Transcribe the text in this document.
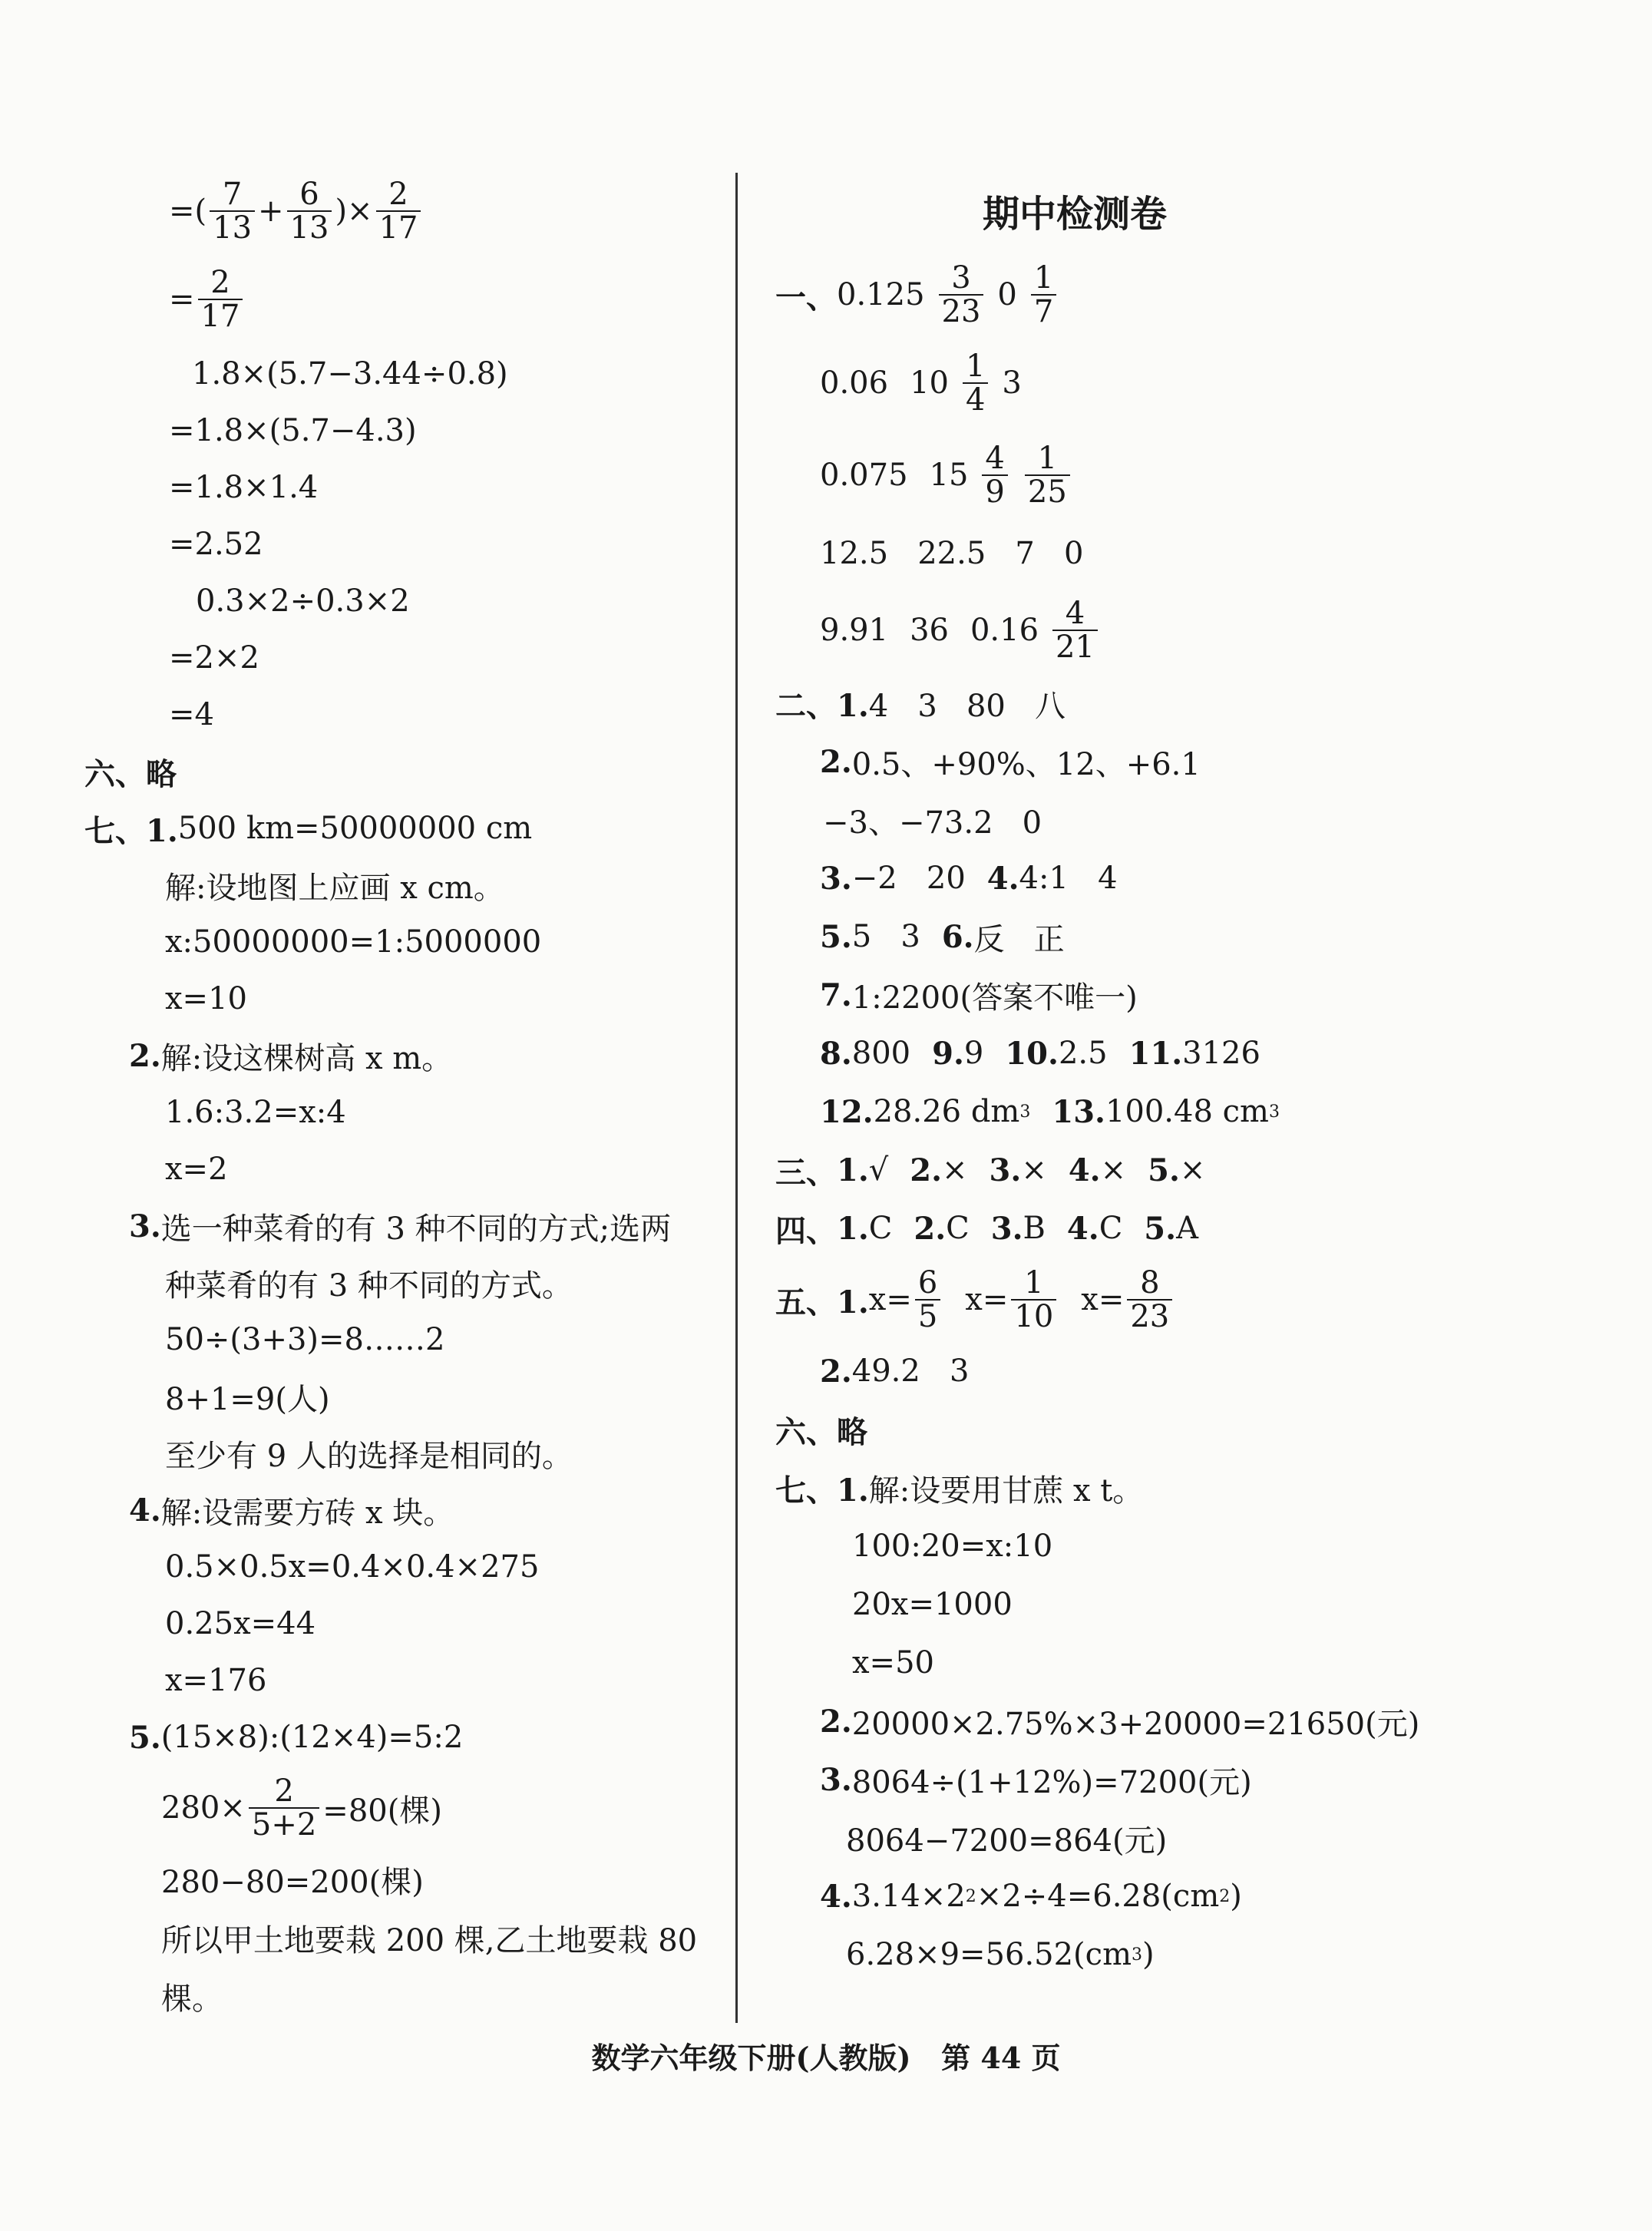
=( $\frac{7}{13} + \frac{6}{13}$ )× $\frac{2}{17}$
= $\frac{2}{17}$
1.8×(5.7−3.44÷0.8)
=1.8×(5.7−4.3)
=1.8×1.4
=2.52
0.3×2÷0.3×2
=2×2
=4
六、略
七、1. 500 km=50000000 cm
解:设地图上应画 x cm。
x:50000000=1:5000000
x=10
2. 解:设这棵树高 x m。
1.6:3.2=x:4
x=2
3. 选一种菜肴的有 3 种不同的方式;选两
种菜肴的有 3 种不同的方式。
50÷(3+3)=8……2
8+1=9(人)
至少有 9 人的选择是相同的。
4. 解:设需要方砖 x 块。
0.5×0.5x=0.4×0.4×275
0.25x=44
x=176
5. (15×8):(12×4)=5:2
$280\times \frac{2}{5+2} =80$(棵)
280−80=200(棵)
所以甲土地要栽 200 棵,乙土地要栽 80
棵。
期中检测卷
一、 $0.125 \frac{3}{23} 0 \frac{1}{7}$
0.06 $10 \frac{1}{4} 3$
0.075 $15 \frac{4}{9} \frac{1}{25}$
12.5   22.5   7   0
9.91 36 $0.16 \frac{4}{21}$
二、1. 4   3   80   八
2. 0.5、+90%、12、+6.1
−3、−73.2   0
3. −2   20 4. 4:1   4
5. 5   3 6. 反   正
7. 1:2200(答案不唯一)
8. 800 9. 9 10. 2.5 11. 3126
12. 28.26 dm 3 13. 100.48 cm 3
三、 1. √ 2. × 3. × 4. × 5. ×
四、 1. C 2. C 3. B 4. C 5. A
五、1. $x= \frac{6}{5} x= \frac{1}{10} x= \frac{8}{23}$
2. 49.2   3
六、略
七、1. 解:设要用甘蔗 x t。
100:20=x:10
20x=1000
x=50
2. 20000×2.75%×3+20000=21650(元)
3. 8064÷(1+12%)=7200(元)
8064−7200=864(元)
4. 3.14×2 2 ×2÷4=6.28(cm 2 )
6.28×9=56.52(cm 3 )
数学六年级下册(人教版)   第 44 页
